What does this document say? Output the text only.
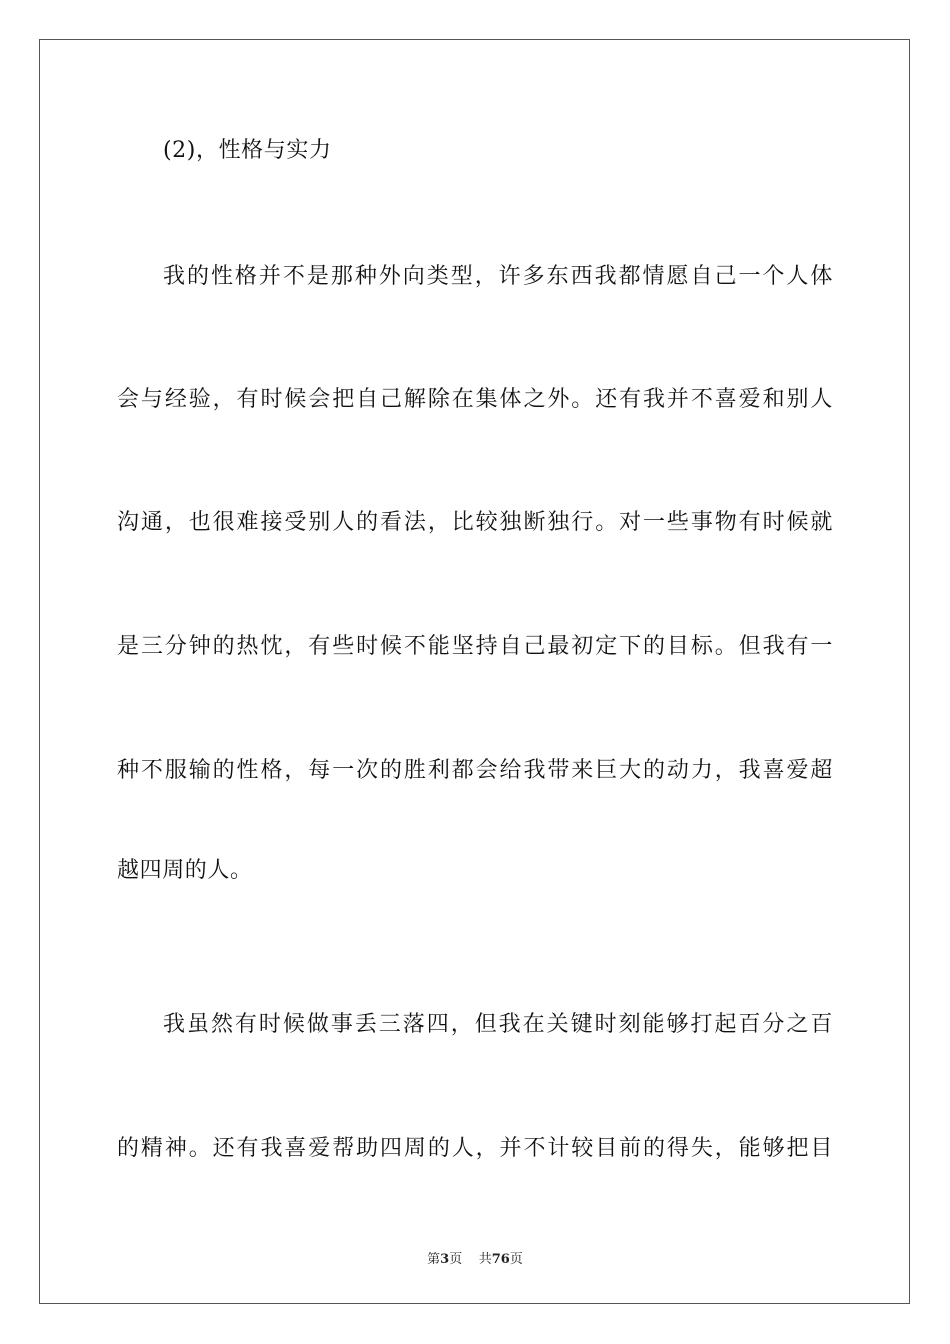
(2)，性格与实力
我的性格并不是那种外向类型，许多东西我都情愿自己一个人体
会与经验，有时候会把自己解除在集体之外。还有我并不喜爱和别人
沟通，也很难接受别人的看法，比较独断独行。对一些事物有时候就
是三分钟的热忱，有些时候不能坚持自己最初定下的目标。但我有一
种不服输的性格，每一次的胜利都会给我带来巨大的动力，我喜爱超
越四周的人。
我虽然有时候做事丢三落四，但我在关键时刻能够打起百分之百
的精神。还有我喜爱帮助四周的人，并不计较目前的得失，能够把目
第3页 共76页
